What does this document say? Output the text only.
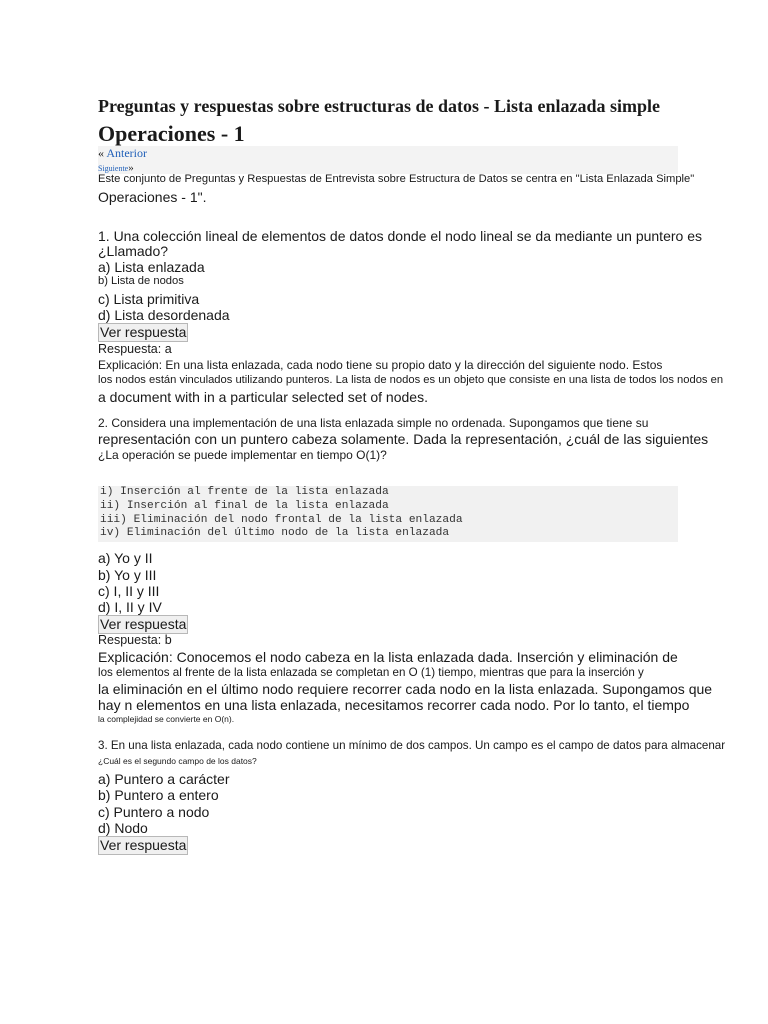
Preguntas y respuestas sobre estructuras de datos - Lista enlazada simple
Operaciones - 1
« Anterior
Siguiente»
Este conjunto de Preguntas y Respuestas de Entrevista sobre Estructura de Datos se centra en "Lista Enlazada Simple"
Operaciones - 1".
1. Una colección lineal de elementos de datos donde el nodo lineal se da mediante un puntero es
¿Llamado?
a) Lista enlazada
b) Lista de nodos
c) Lista primitiva
d) Lista desordenada
Ver respuesta
Respuesta: a
Explicación: En una lista enlazada, cada nodo tiene su propio dato y la dirección del siguiente nodo. Estos
los nodos están vinculados utilizando punteros. La lista de nodos es un objeto que consiste en una lista de todos los nodos en
a document with in a particular selected set of nodes.
2. Considera una implementación de una lista enlazada simple no ordenada. Supongamos que tiene su
representación con un puntero cabeza solamente. Dada la representación, ¿cuál de las siguientes
¿La operación se puede implementar en tiempo O(1)?
i) Inserción al frente de la lista enlazada
ii) Inserción al final de la lista enlazada
iii) Eliminación del nodo frontal de la lista enlazada
iv) Eliminación del último nodo de la lista enlazada
a) Yo y II
b) Yo y III
c) I, II y III
d) I, II y IV
Ver respuesta
Respuesta: b
Explicación: Conocemos el nodo cabeza en la lista enlazada dada. Inserción y eliminación de
los elementos al frente de la lista enlazada se completan en O (1) tiempo, mientras que para la inserción y
la eliminación en el último nodo requiere recorrer cada nodo en la lista enlazada. Supongamos que
hay n elementos en una lista enlazada, necesitamos recorrer cada nodo. Por lo tanto, el tiempo
la complejidad se convierte en O(n).
3. En una lista enlazada, cada nodo contiene un mínimo de dos campos. Un campo es el campo de datos para almacenar
¿Cuál es el segundo campo de los datos?
a) Puntero a carácter
b) Puntero a entero
c) Puntero a nodo
d) Nodo
Ver respuesta
